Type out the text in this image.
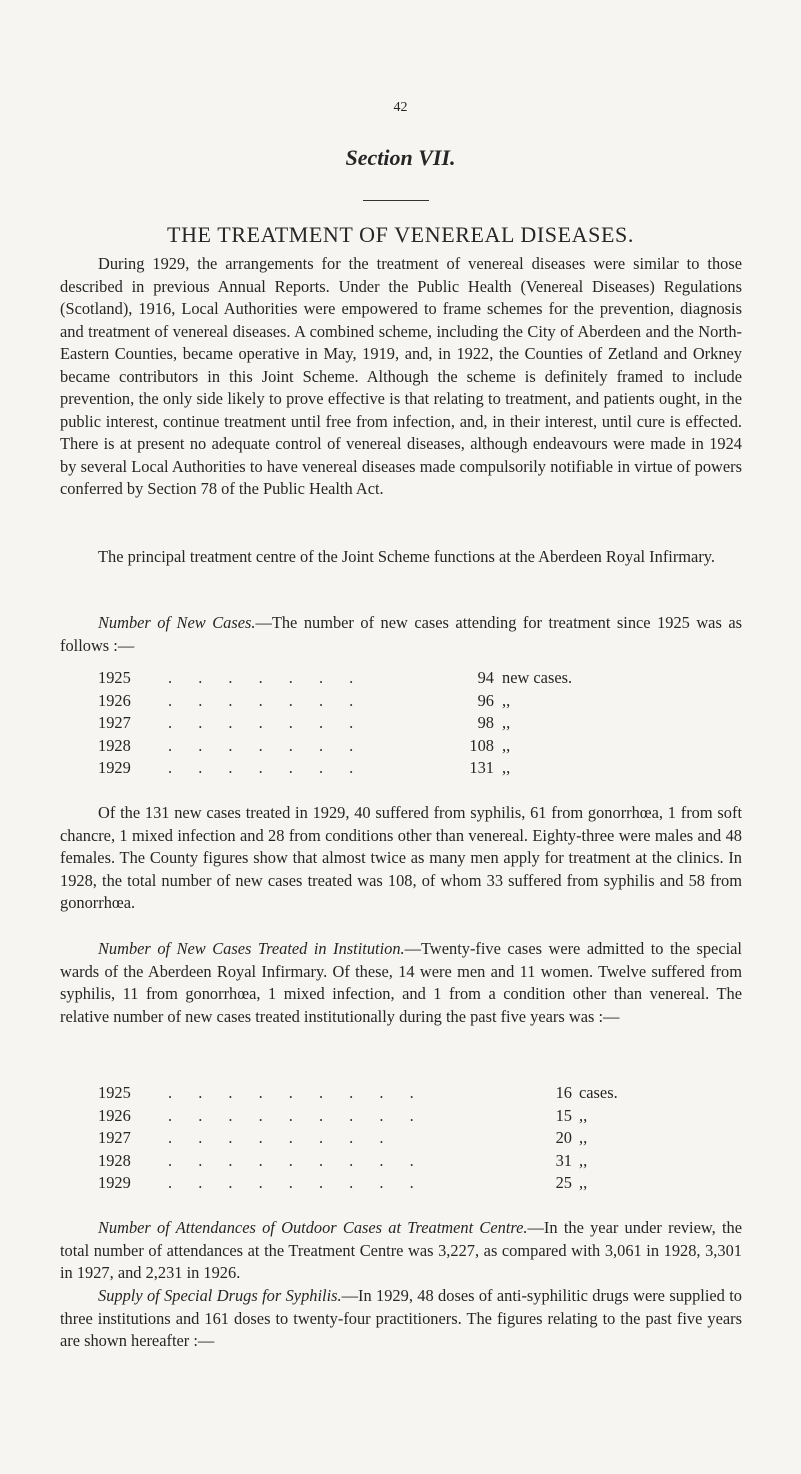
42
Section VII.
THE TREATMENT OF VENEREAL DISEASES.

During 1929, the arrangements for the treatment of venereal diseases were similar to those described in previous Annual Reports. Under the Public Health (Venereal Diseases) Regulations (Scotland), 1916, Local Authorities were empowered to frame schemes for the prevention, diagnosis and treatment of venereal diseases. A combined scheme, including the City of Aberdeen and the North-Eastern Counties, became operative in May, 1919, and, in 1922, the Counties of Zetland and Orkney became contributors in this Joint Scheme. Although the scheme is definitely framed to include prevention, the only side likely to prove effective is that relating to treatment, and patients ought, in the public interest, continue treatment until free from infection, and, in their interest, until cure is effected. There is at present no adequate control of venereal diseases, although endeavours were made in 1924 by several Local Authorities to have venereal diseases made compulsorily notifiable in virtue of powers conferred by Section 78 of the Public Health Act.

The principal treatment centre of the Joint Scheme functions at the Aberdeen Royal Infirmary.

Number of New Cases.—The number of new cases attending for treatment since 1925 was as follows :—

1925 . . . . . . .	94 new cases.
1926 . . . . . . .	96 ,,
1927 . . . . . . .	98 ,,
1928 . . . . . . .	108 ,,
1929 . . . . . . .	131 ,,

Of the 131 new cases treated in 1929, 40 suffered from syphilis, 61 from gonorrhœa, 1 from soft chancre, 1 mixed infection and 28 from conditions other than venereal. Eighty-three were males and 48 females. The County figures show that almost twice as many men apply for treatment at the clinics. In 1928, the total number of new cases treated was 108, of whom 33 suffered from syphilis and 58 from gonorrhœa.

Number of New Cases Treated in Institution.—Twenty-five cases were admitted to the special wards of the Aberdeen Royal Infirmary. Of these, 14 were men and 11 women. Twelve suffered from syphilis, 11 from gonorrhœa, 1 mixed infection, and 1 from a condition other than venereal. The relative number of new cases treated institutionally during the past five years was :—

1925 . . . . . . . . .	16 cases.
1926 . . . . . . . . .	15 ,,
1927 . . . . . . . .	20 ,,
1928 . . . . . . . . .	31 ,,
1929 . . . . . . . . .	25 ,,

Number of Attendances of Outdoor Cases at Treatment Centre.—In the year under review, the total number of attendances at the Treatment Centre was 3,227, as compared with 3,061 in 1928, 3,301 in 1927, and 2,231 in 1926.

Supply of Special Drugs for Syphilis.—In 1929, 48 doses of anti-syphilitic drugs were supplied to three institutions and 161 doses to twenty-four practitioners. The figures relating to the past five years are shown hereafter :—
